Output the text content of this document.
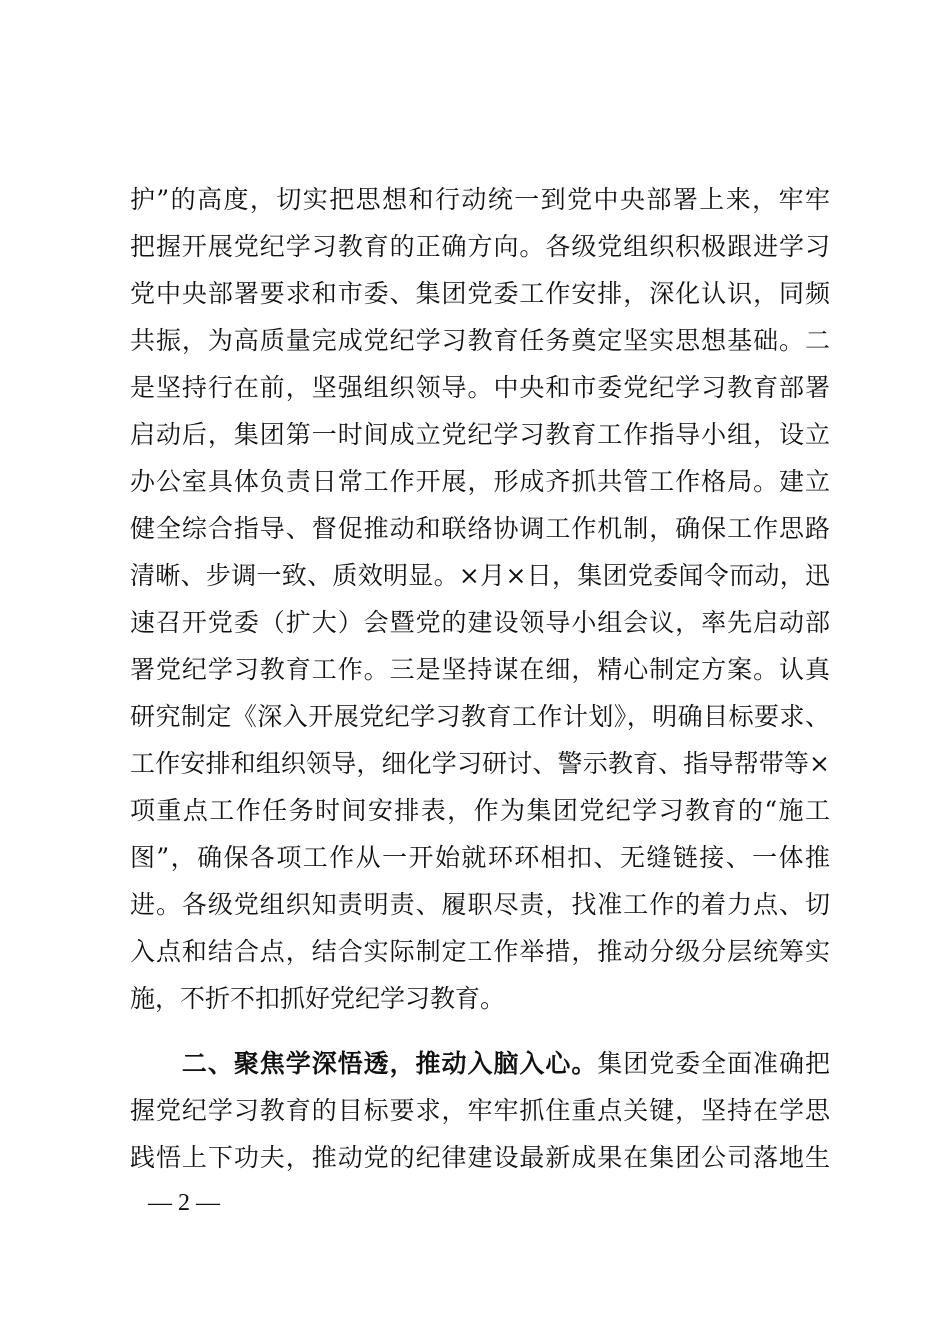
护”的高度，切实把思想和行动统一到党中央部署上来，牢牢
把握开展党纪学习教育的正确方向。各级党组织积极跟进学习
党中央部署要求和市委、集团党委工作安排，深化认识，同频
共振，为高质量完成党纪学习教育任务奠定坚实思想基础。二
是坚持行在前，坚强组织领导。中央和市委党纪学习教育部署
启动后，集团第一时间成立党纪学习教育工作指导小组，设立
办公室具体负责日常工作开展，形成齐抓共管工作格局。建立
健全综合指导、督促推动和联络协调工作机制，确保工作思路
清晰、步调一致、质效明显。×月×日，集团党委闻令而动，迅
速召开党委（扩大）会暨党的建设领导小组会议，率先启动部
署党纪学习教育工作。三是坚持谋在细，精心制定方案。认真
研究制定《深入开展党纪学习教育工作计划》，明确目标要求、
工作安排和组织领导，细化学习研讨、警示教育、指导帮带等×
项重点工作任务时间安排表，作为集团党纪学习教育的“施工
图”，确保各项工作从一开始就环环相扣、无缝链接、一体推
进。各级党组织知责明责、履职尽责，找准工作的着力点、切
入点和结合点，结合实际制定工作举措，推动分级分层统筹实
施，不折不扣抓好党纪学习教育。
　　二、聚焦学深悟透，推动入脑入心。集团党委全面准确把
握党纪学习教育的目标要求，牢牢抓住重点关键，坚持在学思
践悟上下功夫，推动党的纪律建设最新成果在集团公司落地生
— 2 —
